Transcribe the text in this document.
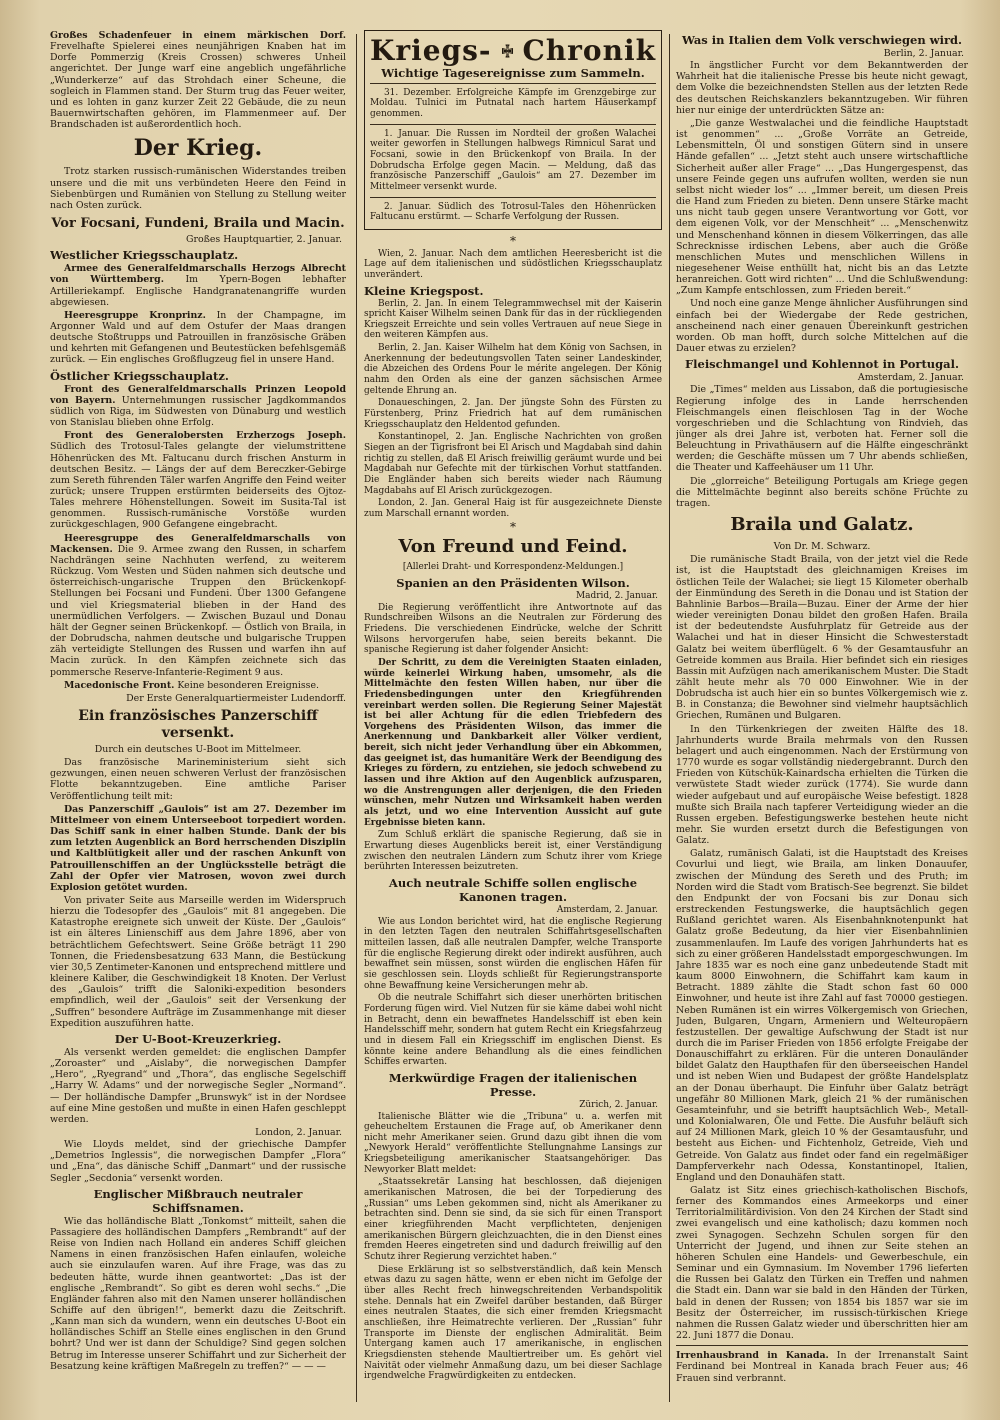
Großes Schadenfeuer in einem märkischen Dorf. Frevelhafte Spielerei eines neunjährigen Knaben hat im Dorfe Pommerzig (Kreis Crossen) schweres Unheil angerichtet. Der Junge warf eine angeblich ungefährliche „Wunderkerze“ auf das Strohdach einer Scheune, die sogleich in Flammen stand. Der Sturm trug das Feuer weiter, und es lohten in ganz kurzer Zeit 22 Gebäude, die zu neun Bauernwirtschaften gehören, im Flammenmeer auf. Der Brandschaden ist außerordentlich hoch.

Der Krieg.

Trotz starken russisch-rumänischen Widerstandes treiben unsere und die mit uns verbündeten Heere den Feind in Siebenbürgen und Rumänien von Stellung zu Stellung weiter nach Osten zurück.

Vor Focsani, Fundeni, Braila und Macin.
Großes Hauptquartier, 2. Januar.
Westlicher Kriegsschauplatz.

Armee des Generalfeldmarschalls Herzogs Albrecht von Württemberg. Im Ypern-Bogen lebhafter Artilleriekampf. Englische Handgranatenangriffe wurden abgewiesen.

Heeresgruppe Kronprinz. In der Champagne, im Argonner Wald und auf dem Ostufer der Maas drangen deutsche Stoßtrupps und Patrouillen in französische Gräben und kehrten mit Gefangenen und Beutestücken befehlsgemäß zurück. — Ein englisches Großflugzeug fiel in unsere Hand.

Östlicher Kriegsschauplatz.

Front des Generalfeldmarschalls Prinzen Leopold von Bayern. Unternehmungen russischer Jagdkommandos südlich von Riga, im Südwesten von Dünaburg und westlich von Stanislau blieben ohne Erfolg.

Front des Generalobersten Erzherzogs Joseph. Südlich des Trotosul-Tales gelangte der vielumstrittene Höhenrücken des Mt. Faltucanu durch frischen Ansturm in deutschen Besitz. — Längs der auf dem Bereczker-Gebirge zum Sereth führenden Täler warfen Angriffe den Feind weiter zurück; unsere Truppen erstürmten beiderseits des Ojtoz-Tales mehrere Höhenstellungen. Soweit im Susita-Tal ist genommen. Russisch-rumänische Vorstöße wurden zurückgeschlagen, 900 Gefangene eingebracht.

Heeresgruppe des Generalfeldmarschalls von Mackensen. Die 9. Armee zwang den Russen, in scharfem Nachdrängen seine Nachhuten werfend, zu weiterem Rückzug. Vom Westen und Süden nahmen sich deutsche und österreichisch-ungarische Truppen den Brückenkopf-Stellungen bei Focsani und Fundeni. Über 1300 Gefangene und viel Kriegsmaterial blieben in der Hand des unermüdlichen Verfolgers. — Zwischen Buzaul und Donau hält der Gegner seinen Brückenkopf. — Östlich von Braila, in der Dobrudscha, nahmen deutsche und bulgarische Truppen zäh verteidigte Stellungen des Russen und warfen ihn auf Macin zurück. In den Kämpfen zeichnete sich das pommersche Reserve-Infanterie-Regiment 9 aus.

Macedonische Front. Keine besonderen Ereignisse.

Der Erste Generalquartiermeister Ludendorff.

Ein französisches Panzerschiff versenkt.

Durch ein deutsches U-Boot im Mittelmeer.

Das französische Marineministerium sieht sich gezwungen, einen neuen schweren Verlust der französischen Flotte bekanntzugeben. Eine amtliche Pariser Veröffentlichung teilt mit:

Das Panzerschiff „Gaulois“ ist am 27. Dezember im Mittelmeer von einem Unterseeboot torpediert worden. Das Schiff sank in einer halben Stunde. Dank der bis zum letzten Augenblick an Bord herrschenden Disziplin und Kaltblütigkeit aller und der raschen Ankunft von Patrouillenschiffen an der Unglücksstelle beträgt die Zahl der Opfer vier Matrosen, wovon zwei durch Explosion getötet wurden.

Von privater Seite aus Marseille werden im Widerspruch hierzu die Todesopfer des „Gaulois“ mit 81 angegeben. Die Katastrophe ereignete sich unweit der Küste. Der „Gaulois“ ist ein älteres Linienschiff aus dem Jahre 1896, aber von beträchtlichem Gefechtswert. Seine Größe beträgt 11 290 Tonnen, die Friedensbesatzung 633 Mann, die Bestückung vier 30,5 Zentimeter-Kanonen und entsprechend mittlere und kleinere Kaliber, die Geschwindigkeit 18 Knoten. Der Verlust des „Gaulois“ trifft die Saloniki-expedition besonders empfindlich, weil der „Gaulois“ seit der Versenkung der „Suffren“ besondere Aufträge im Zusammenhange mit dieser Expedition auszuführen hatte.

Der U-Boot-Kreuzerkrieg.

Als versenkt werden gemeldet: die englischen Dampfer „Zoroaster“ und „Aislaby“, die norwegischen Dampfer „Hero“, „Ryegrand“ und „Thora“, das englische Segelschiff „Harry W. Adams“ und der norwegische Segler „Normand“. — Der holländische Dampfer „Brunswyk“ ist in der Nordsee auf eine Mine gestoßen und mußte in einen Hafen geschleppt werden.

London, 2. Januar.

Wie Lloyds meldet, sind der griechische Dampfer „Demetrios Inglessis“, die norwegischen Dampfer „Flora“ und „Ena“, das dänische Schiff „Danmart“ und der russische Segler „Secdonia“ versenkt worden.

Englischer Mißbrauch neutraler Schiffsnamen.

Wie das holländische Blatt „Tonkomst“ mitteilt, sahen die Passagiere des holländischen Dampfers „Rembrandt“ auf der Reise von Indien nach Holland ein anderes Schiff gleichen Namens in einen französischen Hafen einlaufen, woleiche auch sie einzulaufen waren. Auf ihre Frage, was das zu bedeuten hätte, wurde ihnen geantwortet: „Das ist der englische „Rembrandt“. So gibt es deren wohl sechs.“ „Die Engländer fahren also mit den Namen unserer holländischen Schiffe auf den übrigen!“, bemerkt dazu die Zeitschrift. „Kann man sich da wundern, wenn ein deutsches U-Boot ein holländisches Schiff an Stelle eines englischen in den Grund bohrt? Und wer ist dann der Schuldige? Sind gegen solchen Betrug im Interesse unserer Schiffahrt und zur Sicherheit der Besatzung keine kräftigen Maßregeln zu treffen?“ — — —

Kriegs- Chronik
Wichtige Tagesereignisse zum Sammeln.

31. Dezember. Erfolgreiche Kämpfe im Grenzgebirge zur Moldau. Tulnici im Putnatal nach hartem Häuserkampf genommen.

1. Januar. Die Russen im Nordteil der großen Walachei weiter geworfen in Stellungen halbwegs Rimnicul Sarat und Focsani, sowie in den Brückenkopf von Braila. In der Dobrudscha Erfolge gegen Macin. — Meldung, daß das französische Panzerschiff „Gaulois“ am 27. Dezember im Mittelmeer versenkt wurde.

2. Januar. Südlich des Totrosul-Tales den Höhenrücken Faltucanu erstürmt. — Scharfe Verfolgung der Russen.

*

Wien, 2. Januar. Nach dem amtlichen Heeresbericht ist die Lage auf dem italienischen und südöstlichen Kriegsschauplatz unverändert.

Kleine Kriegspost.

Berlin, 2. Jan. In einem Telegrammwechsel mit der Kaiserin spricht Kaiser Wilhelm seinen Dank für das in der rückliegenden Kriegszeit Erreichte und sein volles Vertrauen auf neue Siege in den weiteren Kämpfen aus.

Berlin, 2. Jan. Kaiser Wilhelm hat dem König von Sachsen, in Anerkennung der bedeutungsvollen Taten seiner Landeskinder, die Abzeichen des Ordens Pour le mérite angelegen. Der König nahm den Orden als eine der ganzen sächsischen Armee geltende Ehrung an.

Donaueschingen, 2. Jan. Der jüngste Sohn des Fürsten zu Fürstenberg, Prinz Friedrich hat auf dem rumänischen Kriegsschauplatz den Heldentod gefunden.

Konstantinopel, 2. Jan. Englische Nachrichten von großen Siegen an der Tigrisfront bei El Arisch und Magdabah sind dahin richtig zu stellen, daß El Arisch freiwillig geräumt wurde und bei Magdabah nur Gefechte mit der türkischen Vorhut stattfanden. Die Engländer haben sich bereits wieder nach Räumung Magdabahs auf El Arisch zurückgezogen.

London, 2. Jan. General Haig ist für ausgezeichnete Dienste zum Marschall ernannt worden.

*
Von Freund und Feind.

[Allerlei Draht- und Korrespondenz-Meldungen.]

Spanien an den Präsidenten Wilson.
Madrid, 2. Januar.

Die Regierung veröffentlicht ihre Antwortnote auf das Rundschreiben Wilsons an die Neutralen zur Förderung des Friedens. Die verschiedenen Eindrücke, welche der Schritt Wilsons hervorgerufen habe, seien bereits bekannt. Die spanische Regierung ist daher folgender Ansicht:

Der Schritt, zu dem die Vereinigten Staaten einladen, würde keinerlei Wirkung haben, umsomehr, als die Mittelmächte den festen Willen haben, nur über die Friedensbedingungen unter den Kriegführenden vereinbart werden sollen. Die Regierung Seiner Majestät ist bei aller Achtung für die edlen Triebfedern des Vorgehens des Präsidenten Wilson, das immer die Anerkennung und Dankbarkeit aller Völker verdient, bereit, sich nicht jeder Verhandlung über ein Abkommen, das geeignet ist, das humanitäre Werk der Beendigung des Krieges zu fördern, zu entziehen, sie jedoch schwebend zu lassen und ihre Aktion auf den Augenblick aufzusparen, wo die Anstrengungen aller derjenigen, die den Frieden wünschen, mehr Nutzen und Wirksamkeit haben werden als jetzt, und wo eine Intervention Aussicht auf gute Ergebnisse bieten kann.

Zum Schluß erklärt die spanische Regierung, daß sie in Erwartung dieses Augenblicks bereit ist, einer Verständigung zwischen den neutralen Ländern zum Schutz ihrer vom Kriege berührten Interessen beizutreten.

Auch neutrale Schiffe sollen englische Kanonen tragen.
Amsterdam, 2. Januar.

Wie aus London berichtet wird, hat die englische Regierung in den letzten Tagen den neutralen Schiffahrtsgesellschaften mitteilen lassen, daß alle neutralen Dampfer, welche Transporte für die englische Regierung direkt oder indirekt ausführen, auch bewaffnet sein müssen, sonst würden die englischen Häfen für sie geschlossen sein. Lloyds schließt für Regierungstransporte ohne Bewaffnung keine Versicherungen mehr ab.

Ob die neutrale Schiffahrt sich dieser unerhörten britischen Forderung fügen wird. Viel Nutzen für sie käme dabei wohl nicht in Betracht, denn ein bewaffnetes Handelsschiff ist eben kein Handelsschiff mehr, sondern hat gutem Recht ein Kriegsfahrzeug und in diesem Fall ein Kriegsschiff im englischen Dienst. Es könnte keine andere Behandlung als die eines feindlichen Schiffes erwarten.

Merkwürdige Fragen der italienischen Presse.
Zürich, 2. Januar.

Italienische Blätter wie die „Tribuna“ u. a. werfen mit geheucheltem Erstaunen die Frage auf, ob Amerikaner denn nicht mehr Amerikaner seien. Grund dazu gibt ihnen die vom „Newyork Herald“ veröffentlichte Stellungnahme Lansings zur Kriegsbeteiligung amerikanischer Staatsangehöriger. Das Newyorker Blatt meldet:

„Staatssekretär Lansing hat beschlossen, daß diejenigen amerikanischen Matrosen, die bei der Torpedierung des „Russian“ ums Leben gekommen sind, nicht als Amerikaner zu betrachten sind. Denn sie sind, da sie sich für einen Transport einer kriegführenden Macht verpflichteten, denjenigen amerikanischen Bürgern gleichzuachten, die in den Dienst eines fremden Heeres eingetreten sind und dadurch freiwillig auf den Schutz ihrer Regierung verzichtet haben.“

Diese Erklärung ist so selbstverständlich, daß kein Mensch etwas dazu zu sagen hätte, wenn er eben nicht im Gefolge der über alles Recht frech hinwegschreitenden Verbandspolitik stehe. Dennals hat ein Zweifel darüber bestanden, daß Bürger eines neutralen Staates, die sich einer fremden Kriegsmacht anschließen, ihre Heimatrechte verlieren. Der „Russian“ fuhr Transporte im Dienste der englischen Admiralität. Beim Untergang kamen auch 17 amerikanische, in englischen Kriegsdiensten stehende Maultiertreiber um. Es gehört viel Naivität oder vielmehr Anmaßung dazu, um bei dieser Sachlage irgendwelche Fragwürdigkeiten zu entdecken.

Was in Italien dem Volk verschwiegen wird.
Berlin, 2. Januar.

In ängstlicher Furcht vor dem Bekanntwerden der Wahrheit hat die italienische Presse bis heute nicht gewagt, dem Volke die bezeichnendsten Stellen aus der letzten Rede des deutschen Reichskanzlers bekanntzugeben. Wir führen hier nur einige der unterdrückten Sätze an:

„Die ganze Westwalachei und die feindliche Hauptstadt ist genommen“ ... „Große Vorräte an Getreide, Lebensmitteln, Öl und sonstigen Gütern sind in unsere Hände gefallen“ ... „Jetzt steht auch unsere wirtschaftliche Sicherheit außer aller Frage“ ... „Das Hungergespenst, das unsere Feinde gegen uns aufrufen wollten, werden sie nun selbst nicht wieder los“ ... „Immer bereit, um diesen Preis die Hand zum Frieden zu bieten. Denn unsere Stärke macht uns nicht taub gegen unsere Verantwortung vor Gott, vor dem eigenen Volk, vor der Menschheit“ ... „Menschenwitz und Menschenhand können in diesem Völkerringen, das alle Schrecknisse irdischen Lebens, aber auch die Größe menschlichen Mutes und menschlichen Willens in niegesehener Weise enthüllt hat, nicht bis an das Letzte heranreichen. Gott wird richten“ ... Und die Schlußwendung: „Zum Kampfe entschlossen, zum Frieden bereit.“

Und noch eine ganze Menge ähnlicher Ausführungen sind einfach bei der Wiedergabe der Rede gestrichen, anscheinend nach einer genauen Übereinkunft gestrichen worden. Ob man hofft, durch solche Mittelchen auf die Dauer etwas zu erzielen?

Fleischmangel und Kohlennot in Portugal.
Amsterdam, 2. Januar.

Die „Times“ melden aus Lissabon, daß die portugiesische Regierung infolge des in Lande herrschenden Fleischmangels einen fleischlosen Tag in der Woche vorgeschrieben und die Schlachtung von Rindvieh, das jünger als drei Jahre ist, verboten hat. Ferner soll die Beleuchtung in Privathäusern auf die Hälfte eingeschränkt werden; die Geschäfte müssen um 7 Uhr abends schließen, die Theater und Kaffeehäuser um 11 Uhr.

Die „glorreiche“ Beteiligung Portugals am Kriege gegen die Mittelmächte beginnt also bereits schöne Früchte zu tragen.

Braila und Galatz.

Von Dr. M. Schwarz.

Die rumänische Stadt Braila, von der jetzt viel die Rede ist, ist die Hauptstadt des gleichnamigen Kreises im östlichen Teile der Walachei; sie liegt 15 Kilometer oberhalb der Einmündung des Sereth in die Donau und ist Station der Bahnlinie Barbos—Braila—Buzau. Einer der Arme der hier wieder vereinigten Donau bildet den großen Hafen. Braila ist der bedeutendste Ausfuhrplatz für Getreide aus der Walachei und hat in dieser Hinsicht die Schwesterstadt Galatz bei weitem überflügelt. 6 % der Gesamtausfuhr an Getreide kommen aus Braila. Hier befindet sich ein riesiges Bassin mit Aufzügen nach amerikanischem Muster. Die Stadt zählt heute mehr als 70 000 Einwohner. Wie in der Dobrudscha ist auch hier ein so buntes Völkergemisch wie z. B. in Constanza; die Bewohner sind vielmehr hauptsächlich Griechen, Rumänen und Bulgaren.

In den Türkenkriegen der zweiten Hälfte des 18. Jahrhunderts wurde Braila mehrmals von den Russen belagert und auch eingenommen. Nach der Erstürmung von 1770 wurde es sogar vollständig niedergebrannt. Durch den Frieden von Kütschük-Kainardscha erhielten die Türken die verwüstete Stadt wieder zurück (1774). Sie wurde dann wieder aufgebaut und auf europäische Weise befestigt. 1828 mußte sich Braila nach tapferer Verteidigung wieder an die Russen ergeben. Befestigungswerke bestehen heute nicht mehr. Sie wurden ersetzt durch die Befestigungen von Galatz.

Galatz, rumänisch Galati, ist die Hauptstadt des Kreises Covurlui und liegt, wie Braila, am linken Donauufer, zwischen der Mündung des Sereth und des Pruth; im Norden wird die Stadt vom Bratisch-See begrenzt. Sie bildet den Endpunkt der von Focsani bis zur Donau sich erstreckenden Festungswerke, die hauptsächlich gegen Rußland gerichtet waren. Als Eisenbahnknotenpunkt hat Galatz große Bedeutung, da hier vier Eisenbahnlinien zusammenlaufen. Im Laufe des vorigen Jahrhunderts hat es sich zu einer größeren Handelsstadt emporgeschwungen. Im Jahre 1835 war es noch eine ganz unbedeutende Stadt mit kaum 8000 Einwohnern, die Schiffahrt kam kaum in Betracht. 1889 zählte die Stadt schon fast 60 000 Einwohner, und heute ist ihre Zahl auf fast 70000 gestiegen. Neben Rumänen ist ein wirres Völkergemisch von Griechen, Juden, Bulgaren, Ungarn, Armeniern und Welteuropäern festzustellen. Der gewaltige Aufschwung der Stadt ist nur durch die im Pariser Frieden von 1856 erfolgte Freigabe der Donauschiffahrt zu erklären. Für die unteren Donauländer bildet Galatz den Haupthafen für den überseeischen Handel und ist neben Wien und Budapest der größte Handelsplatz an der Donau überhaupt. Die Einfuhr über Galatz beträgt ungefähr 80 Millionen Mark, gleich 21 % der rumänischen Gesamteinfuhr, und sie betrifft hauptsächlich Web-, Metall- und Kolonialwaren, Öle und Fette. Die Ausfuhr beläuft sich auf 24 Millionen Mark, gleich 10 % der Gesamtausfuhr, und besteht aus Eichen- und Fichtenholz, Getreide, Vieh und Getreide. Von Galatz aus findet oder fand ein regelmäßiger Dampferverkehr nach Odessa, Konstantinopel, Italien, England und den Donauhäfen statt.

Galatz ist Sitz eines griechisch-katholischen Bischofs, ferner des Kommandos eines Armeekorps und einer Territorialmilitärdivision. Von den 24 Kirchen der Stadt sind zwei evangelisch und eine katholisch; dazu kommen noch zwei Synagogen. Sechzehn Schulen sorgen für den Unterricht der Jugend, und ihnen zur Seite stehen an höheren Schulen eine Handels- und Gewerbeschule, ein Seminar und ein Gymnasium. Im November 1796 lieferten die Russen bei Galatz den Türken ein Treffen und nahmen die Stadt ein. Dann war sie bald in den Händen der Türken, bald in denen der Russen; von 1854 bis 1857 war sie im Besitz der Österreicher, im russisch-türkischen Kriege nahmen die Russen Galatz wieder und überschritten hier am 22. Juni 1877 die Donau.

Irrenhausbrand in Kanada. In der Irrenanstalt Saint Ferdinand bei Montreal in Kanada brach Feuer aus; 46 Frauen sind verbrannt.
